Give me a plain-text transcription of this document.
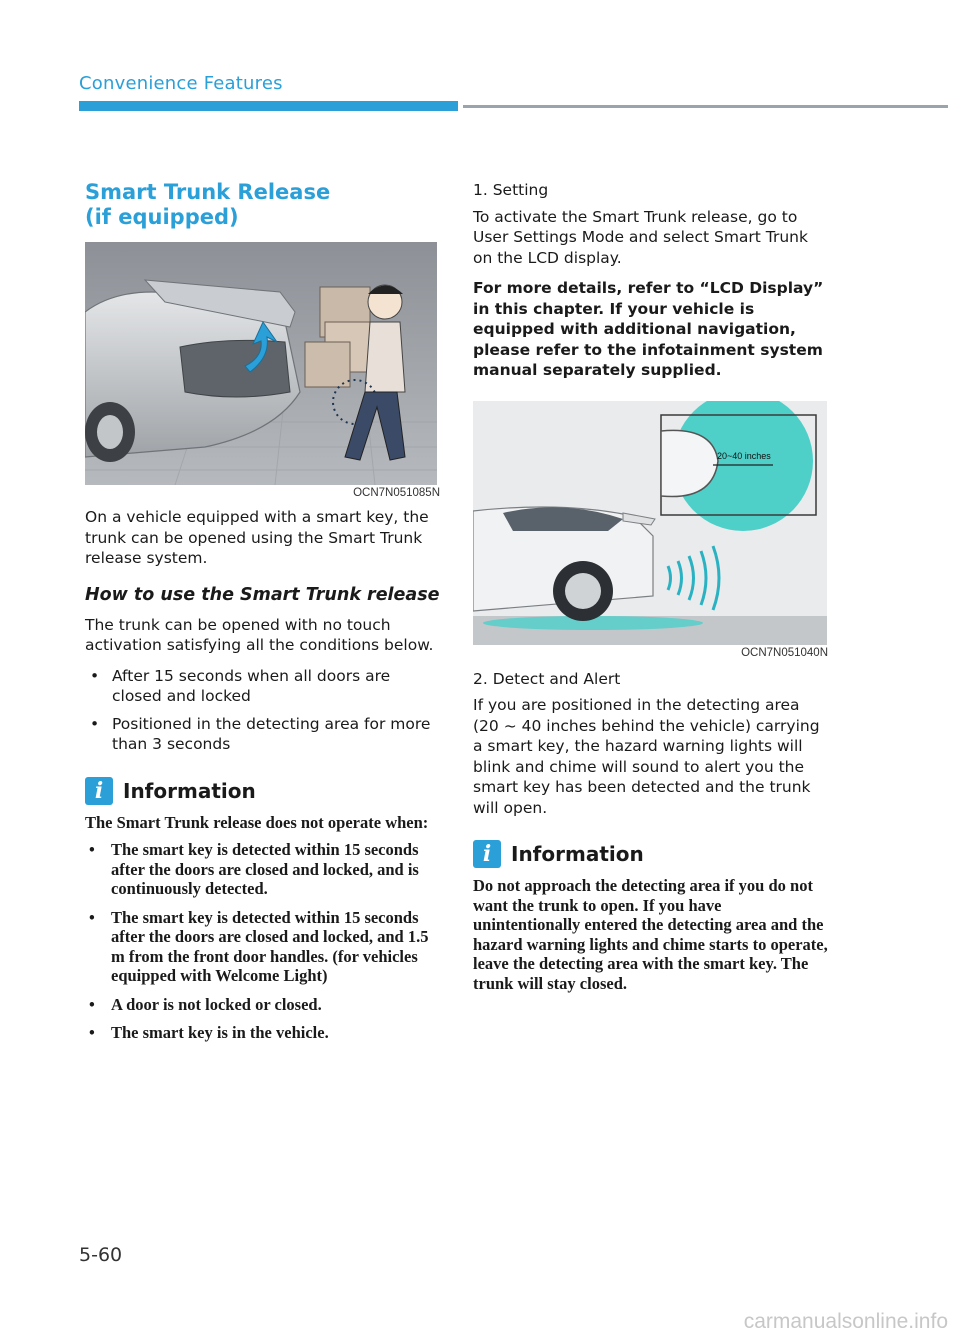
Convenience Features
Smart Trunk Release
(if equipped)

OCN7N051085N

On a vehicle equipped with a smart key, the trunk can be opened using the Smart Trunk release system.

How to use the Smart Trunk release

The trunk can be opened with no touch activation satisfying all the conditions below.

• After 15 seconds when all doors are closed and locked
• Positioned in the detecting area for more than 3 seconds
i Information

The Smart Trunk release does not operate when:

• The smart key is detected within 15 seconds after the doors are closed and locked, and is continuously detected.
• The smart key is detected within 15 seconds after the doors are closed and locked, and 1.5 m from the front door handles. (for vehicles equipped with Welcome Light)
• A door is not locked or closed.
• The smart key is in the vehicle.

1. Setting

To activate the Smart Trunk release, go to User Settings Mode and select Smart Trunk on the LCD display.

For more details, refer to “LCD Display” in this chapter. If your vehicle is equipped with additional navigation, please refer to the infotainment system manual separately supplied.

20~40 inches

OCN7N051040N

2. Detect and Alert

If you are positioned in the detecting area (20 ~ 40 inches behind the vehicle) carrying a smart key, the hazard warning lights will blink and chime will sound to alert you the smart key has been detected and the trunk will open.

i Information

Do not approach the detecting area if you do not want the trunk to open. If you have unintentionally entered the detecting area and the hazard warning lights and chime starts to operate, leave the detecting area with the smart key. The trunk will stay closed.

5-60
carmanualsonline.info
